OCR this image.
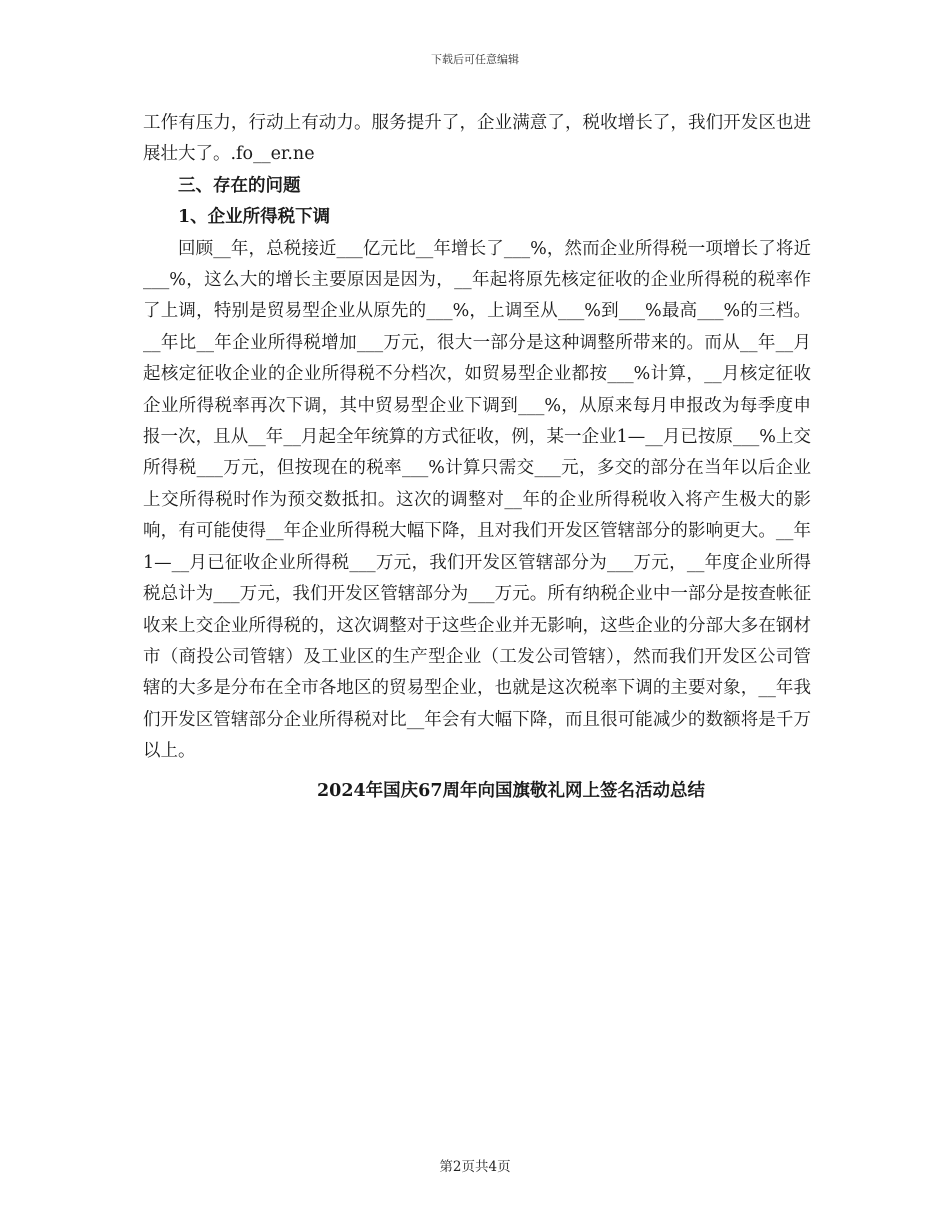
下载后可任意编辑

工作有压力，行动上有动力。服务提升了，企业满意了，税收增长了，我们开发区也进展壮大了。.fo__er.ne

三、存在的问题
1、企业所得税下调

回顾__年，总税接近___亿元比__年增长了___%，然而企业所得税一项增长了将近___%，这么大的增长主要原因是因为，__年起将原先核定征收的企业所得税的税率作了上调，特别是贸易型企业从原先的___%，上调至从___%到___%最高___%的三档。__年比__年企业所得税增加___万元，很大一部分是这种调整所带来的。而从__年__月起核定征收企业的企业所得税不分档次，如贸易型企业都按___%计算，__月核定征收企业所得税率再次下调，其中贸易型企业下调到___%，从原来每月申报改为每季度申报一次，且从__年__月起全年统算的方式征收，例，某一企业1—__月已按原___%上交所得税___万元，但按现在的税率___%计算只需交___元，多交的部分在当年以后企业上交所得税时作为预交数抵扣。这次的调整对__年的企业所得税收入将产生极大的影响，有可能使得__年企业所得税大幅下降，且对我们开发区管辖部分的影响更大。__年1—__月已征收企业所得税___万元，我们开发区管辖部分为___万元，__年度企业所得税总计为___万元，我们开发区管辖部分为___万元。所有纳税企业中一部分是按查帐征收来上交企业所得税的，这次调整对于这些企业并无影响，这些企业的分部大多在钢材市（商投公司管辖）及工业区的生产型企业（工发公司管辖），然而我们开发区公司管辖的大多是分布在全市各地区的贸易型企业，也就是这次税率下调的主要对象，__年我们开发区管辖部分企业所得税对比__年会有大幅下降，而且很可能减少的数额将是千万以上。

2024年国庆67周年向国旗敬礼网上签名活动总结
第2页共4页
